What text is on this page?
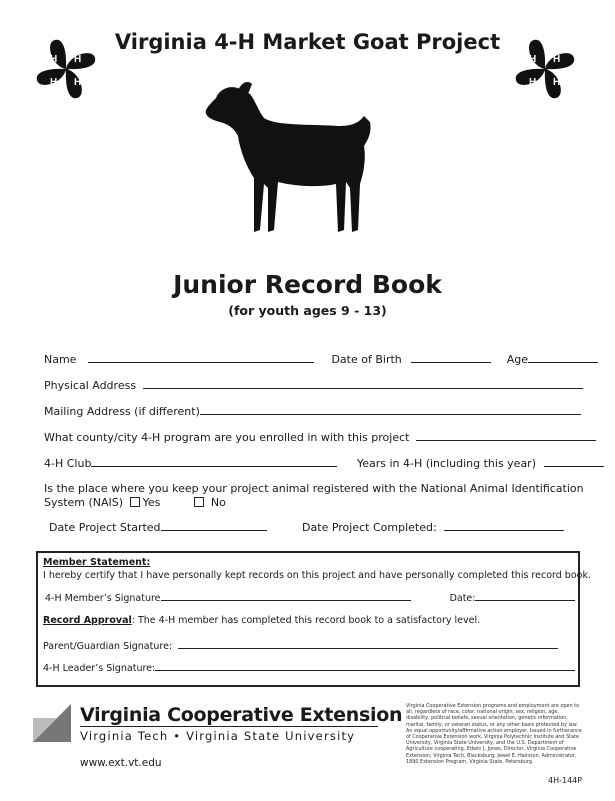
Virginia 4-H Market Goat Project
H H
H H
H H
H H
Junior Record Book
(for youth ages 9 - 13)
Name	Date of Birth	Age
Physical Address
Mailing Address (if different)
What county/city 4-H program are you enrolled in with this project
4-H Club	Years in 4-H (including this year)
Is the place where you keep your project animal registered with the National Animal Identification
System (NAIS) Yes	No
Date Project Started	Date Project Completed:
Member Statement:
I hereby certify that I have personally kept records on this project and have personally completed this record book.
4-H Member’s Signature	Date:
Record Approval: The 4-H member has completed this record book to a satisfactory level.
Parent/Guardian Signature:
4-H Leader’s Signature:
Virginia Cooperative Extension
Virginia Tech • Virginia State University
www.ext.vt.edu
Virginia Cooperative Extension programs and employment are open to all, regardless of race, color, national origin, sex, religion, age, disability, political beliefs, sexual orientation, genetic information, marital, family, or veteran status, or any other basis protected by law. An equal opportunity/affirmative action employer. Issued in furtherance of Cooperative Extension work, Virginia Polytechnic Institute and State University, Virginia State University, and the U.S. Department of Agriculture cooperating. Edwin J. Jones, Director, Virginia Cooperative Extension, Virginia Tech, Blacksburg; Jewel E. Hairston, Administrator, 1890 Extension Program, Virginia State, Petersburg.
4H-144P
